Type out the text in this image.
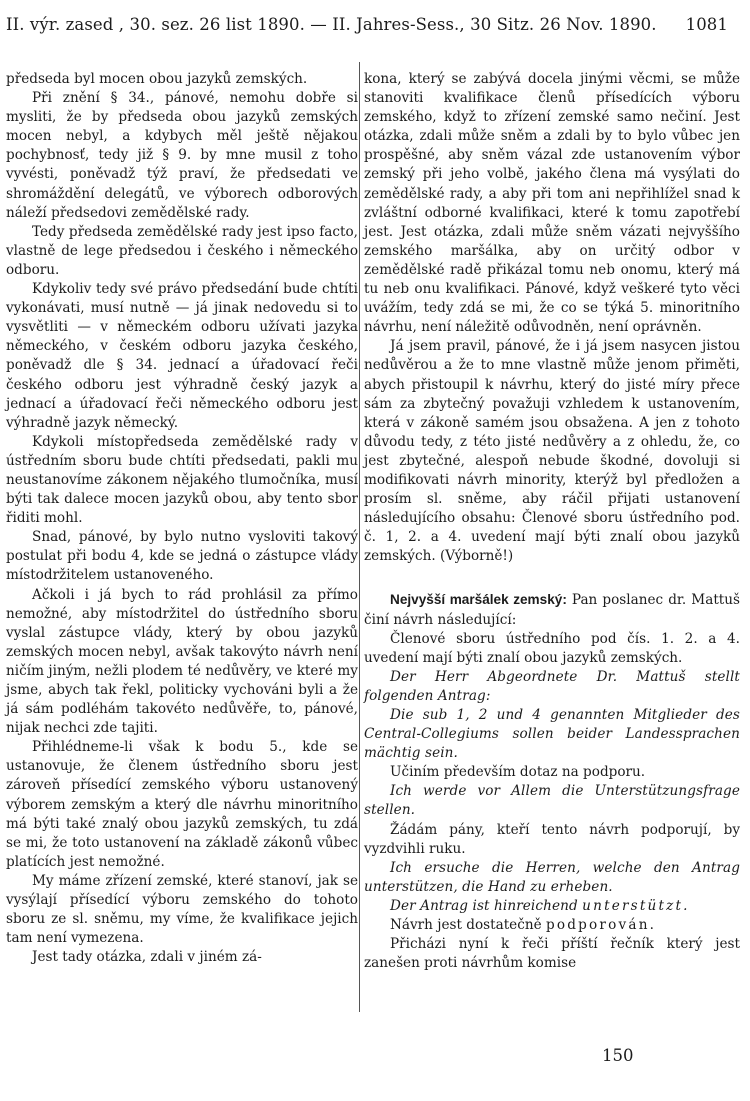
II. výr. zased , 30. sez. 26 list 1890. — II. Jahres-Sess., 30 Sitz. 26 Nov. 1890. 1081

předseda byl mocen obou jazyků zemských.

Při znění § 34., pánové, nemohu dobře si mysliti, že by předseda obou jazyků zemských mocen nebyl, a kdybych měl ještě nějakou pochybnosť, tedy již § 9. by mne musil z toho vyvésti, poněvadž týž praví, že předsedati ve shromáždění delegátů, ve výborech odborových náleží předsedovi zemědělské rady.

Tedy předseda zemědělské rady jest ipso facto, vlastně de lege předsedou i českého i německého odboru.

Kdykoliv tedy své právo předsedání bude chtíti vykonávati, musí nutně — já jinak nedovedu si to vysvětliti — v německém odboru užívati jazyka německého, v českém odboru jazyka českého, poněvadž dle § 34. jednací a úřadovací řeči českého odboru jest výhradně český jazyk a jednací a úřadovací řeči německého odboru jest výhradně jazyk německý.

Kdykoli místopředseda zemědělské rady v ústředním sboru bude chtíti předsedati, pakli mu neustanovíme zákonem nějakého tlumočníka, musí býti tak dalece mocen jazyků obou, aby tento sbor řiditi mohl.

Snad, pánové, by bylo nutno vysloviti takový postulat při bodu 4, kde se jedná o zástupce vlády místodržitelem ustanoveného.

Ačkoli i já bych to rád prohlásil za přímo nemožné, aby místodržitel do ústředního sboru vyslal zástupce vlády, který by obou jazyků zemských mocen nebyl, avšak takovýto návrh není ničím jiným, nežli plodem té nedůvěry, ve které my jsme, abych tak řekl, politicky vychováni byli a že já sám podléhám takovéto nedůvěře, to, pánové, nijak nechci zde tajiti.

Přihlédneme-li však k bodu 5., kde se ustanovuje, že členem ústředního sboru jest zároveň přísedící zemského výboru ustanovený výborem zemským a který dle návrhu minoritního má býti také znalý obou jazyků zemských, tu zdá se mi, že toto ustanovení na základě zákonů vůbec platících jest nemožné.

My máme zřízení zemské, které stanoví, jak se vysýlají přísedící výboru zemského do tohoto sboru ze sl. sněmu, my víme, že kvalifikace jejich tam není vymezena.

Jest tady otázka, zdali v jiném zá-

kona, který se zabývá docela jinými věcmi, se může stanoviti kvalifikace členů přísedících výboru zemského, když to zřízení zemské samo nečiní. Jest otázka, zdali může sněm a zdali by to bylo vůbec jen prospěšné, aby sněm vázal zde ustanovením výbor zemský při jeho volbě, jakého člena má vysýlati do zemědělské rady, a aby při tom ani nepřihlížel snad k zvláštní odborné kvalifikaci, které k tomu zapotřebí jest. Jest otázka, zdali může sněm vázati nejvyššího zemského maršálka, aby on určitý odbor v zemědělské radě přikázal tomu neb onomu, který má tu neb onu kvalifikaci. Pánové, když veškeré tyto věci uvážím, tedy zdá se mi, že co se týká 5. minoritního návrhu, není náležitě odůvodněn, není oprávněn.

Já jsem pravil, pánové, že i já jsem nasycen jistou nedůvěrou a že to mne vlastně může jenom přiměti, abych přistoupil k návrhu, který do jisté míry přece sám za zbytečný považuji vzhledem k ustanovením, která v zákoně samém jsou obsažena. A jen z tohoto důvodu tedy, z této jisté nedůvěry a z ohledu, že, co jest zbytečné, alespoň nebude škodné, dovoluji si modifikovati návrh minority, kterýž byl předložen a prosím sl. sněme, aby ráčil přijati ustanovení následujícího obsahu: Členové sboru ústředního pod. č. 1, 2. a 4. uvedení mají býti znalí obou jazyků zemských. (Výborně!)

Nejvyšší maršálek zemský: Pan poslanec dr. Mattuš činí návrh následující:

Členové sboru ústředního pod čís. 1. 2. a 4. uvedení mají býti znalí obou jazyků zemských.

Der Herr Abgeordnete Dr. Mattuš stellt folgenden Antrag:

Die sub 1, 2 und 4 genannten Mitglieder des Central-Collegiums sollen beider Landessprachen mächtig sein.

Učiním především dotaz na podporu.

Ich werde vor Allem die Unterstützungsfrage stellen.

Žádám pány, kteří tento návrh podporují, by vyzdvihli ruku.

Ich ersuche die Herren, welche den Antrag unterstützen, die Hand zu erheben.

Der Antrag ist hinreichend unterstützt.

Návrh jest dostatečně podporován.

Přicházi nyní k řeči příští řečník který jest zanešen proti návrhům komise

150
